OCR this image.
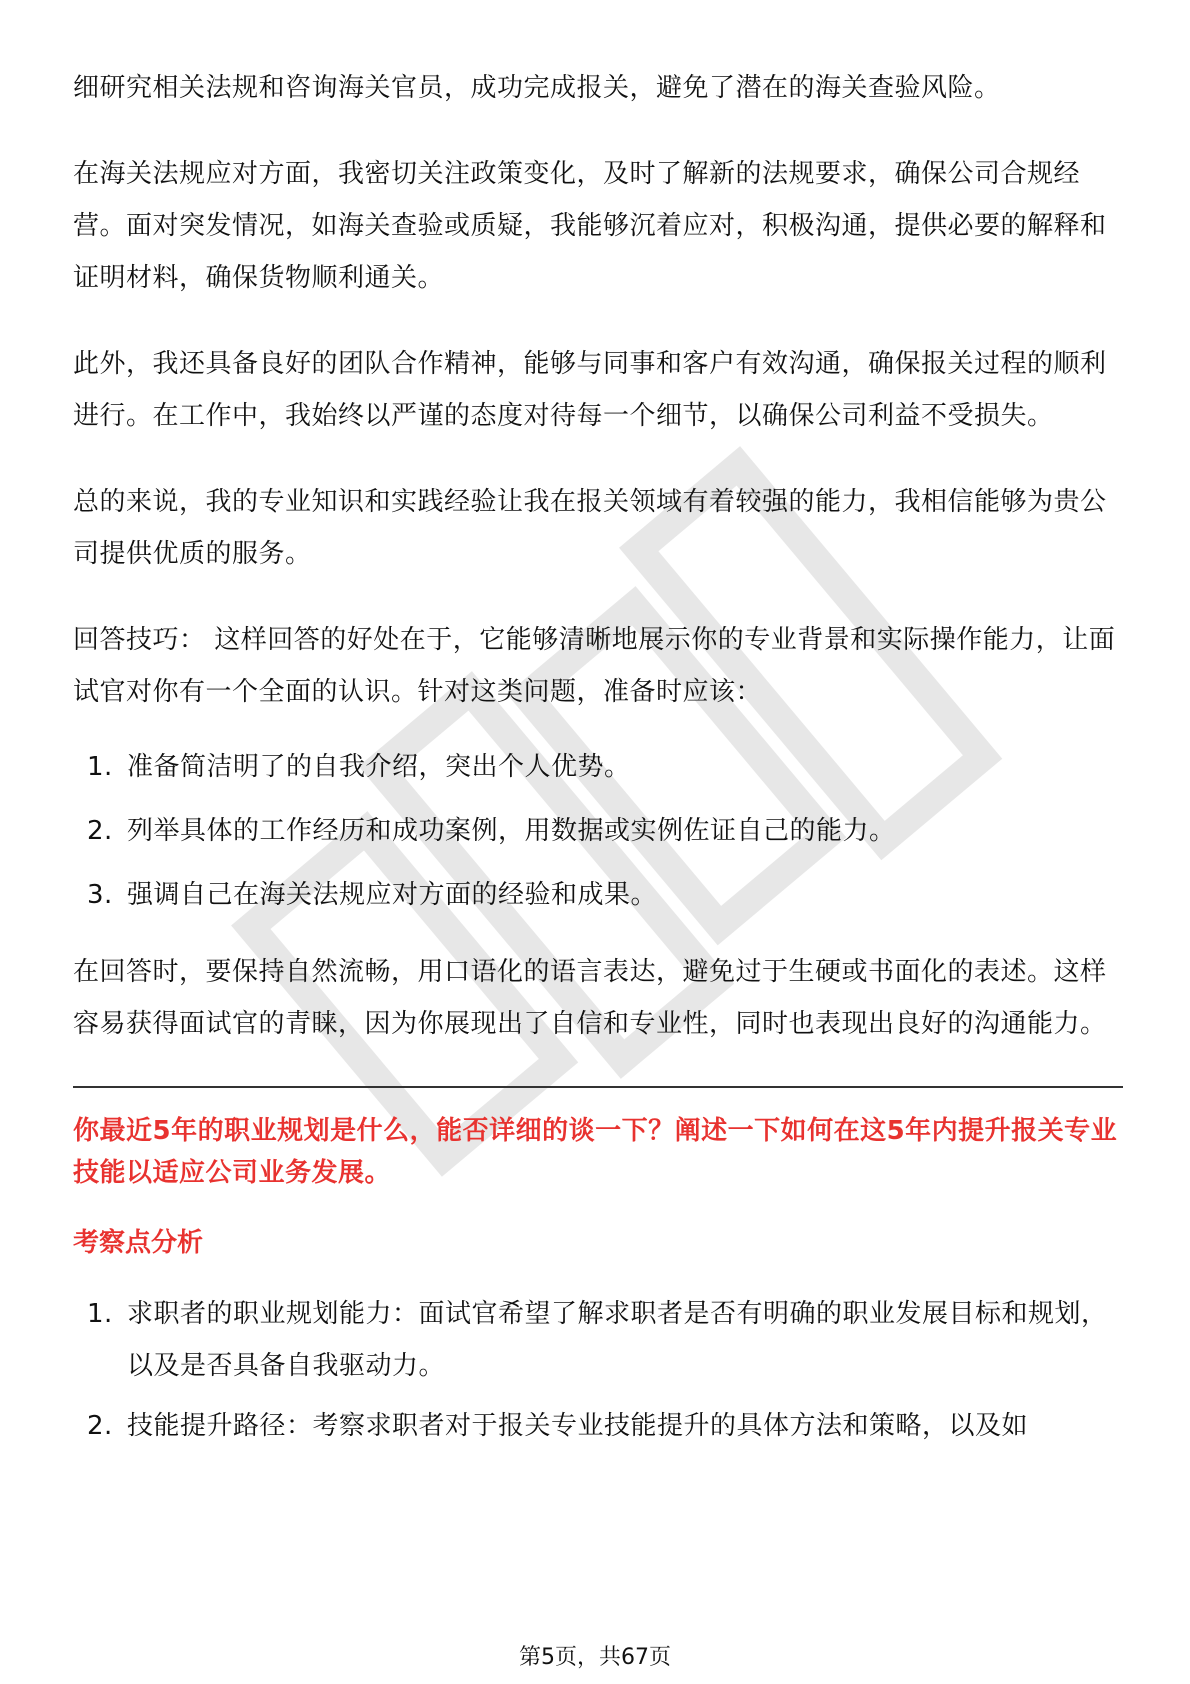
细研究相关法规和咨询海关官员，成功完成报关，避免了潜在的海关查验风险。

在海关法规应对方面，我密切关注政策变化，及时了解新的法规要求，确保公司合规经营。面对突发情况，如海关查验或质疑，我能够沉着应对，积极沟通，提供必要的解释和证明材料，确保货物顺利通关。

此外，我还具备良好的团队合作精神，能够与同事和客户有效沟通，确保报关过程的顺利进行。在工作中，我始终以严谨的态度对待每一个细节，以确保公司利益不受损失。

总的来说，我的专业知识和实践经验让我在报关领域有着较强的能力，我相信能够为贵公司提供优质的服务。

回答技巧： 这样回答的好处在于，它能够清晰地展示你的专业背景和实际操作能力，让面试官对你有一个全面的认识。针对这类问题，准备时应该：

1. 准备简洁明了的自我介绍，突出个人优势。
2. 列举具体的工作经历和成功案例，用数据或实例佐证自己的能力。
3. 强调自己在海关法规应对方面的经验和成果。

在回答时，要保持自然流畅，用口语化的语言表达，避免过于生硬或书面化的表述。这样容易获得面试官的青睐，因为你展现出了自信和专业性，同时也表现出良好的沟通能力。

你最近5年的职业规划是什么，能否详细的谈一下？阐述一下如何在这5年内提升报关专业技能以适应公司业务发展。
考察点分析
1. 求职者的职业规划能力：面试官希望了解求职者是否有明确的职业发展目标和规划，以及是否具备自我驱动力。
2. 技能提升路径：考察求职者对于报关专业技能提升的具体方法和策略，以及如
第5页，共67页
